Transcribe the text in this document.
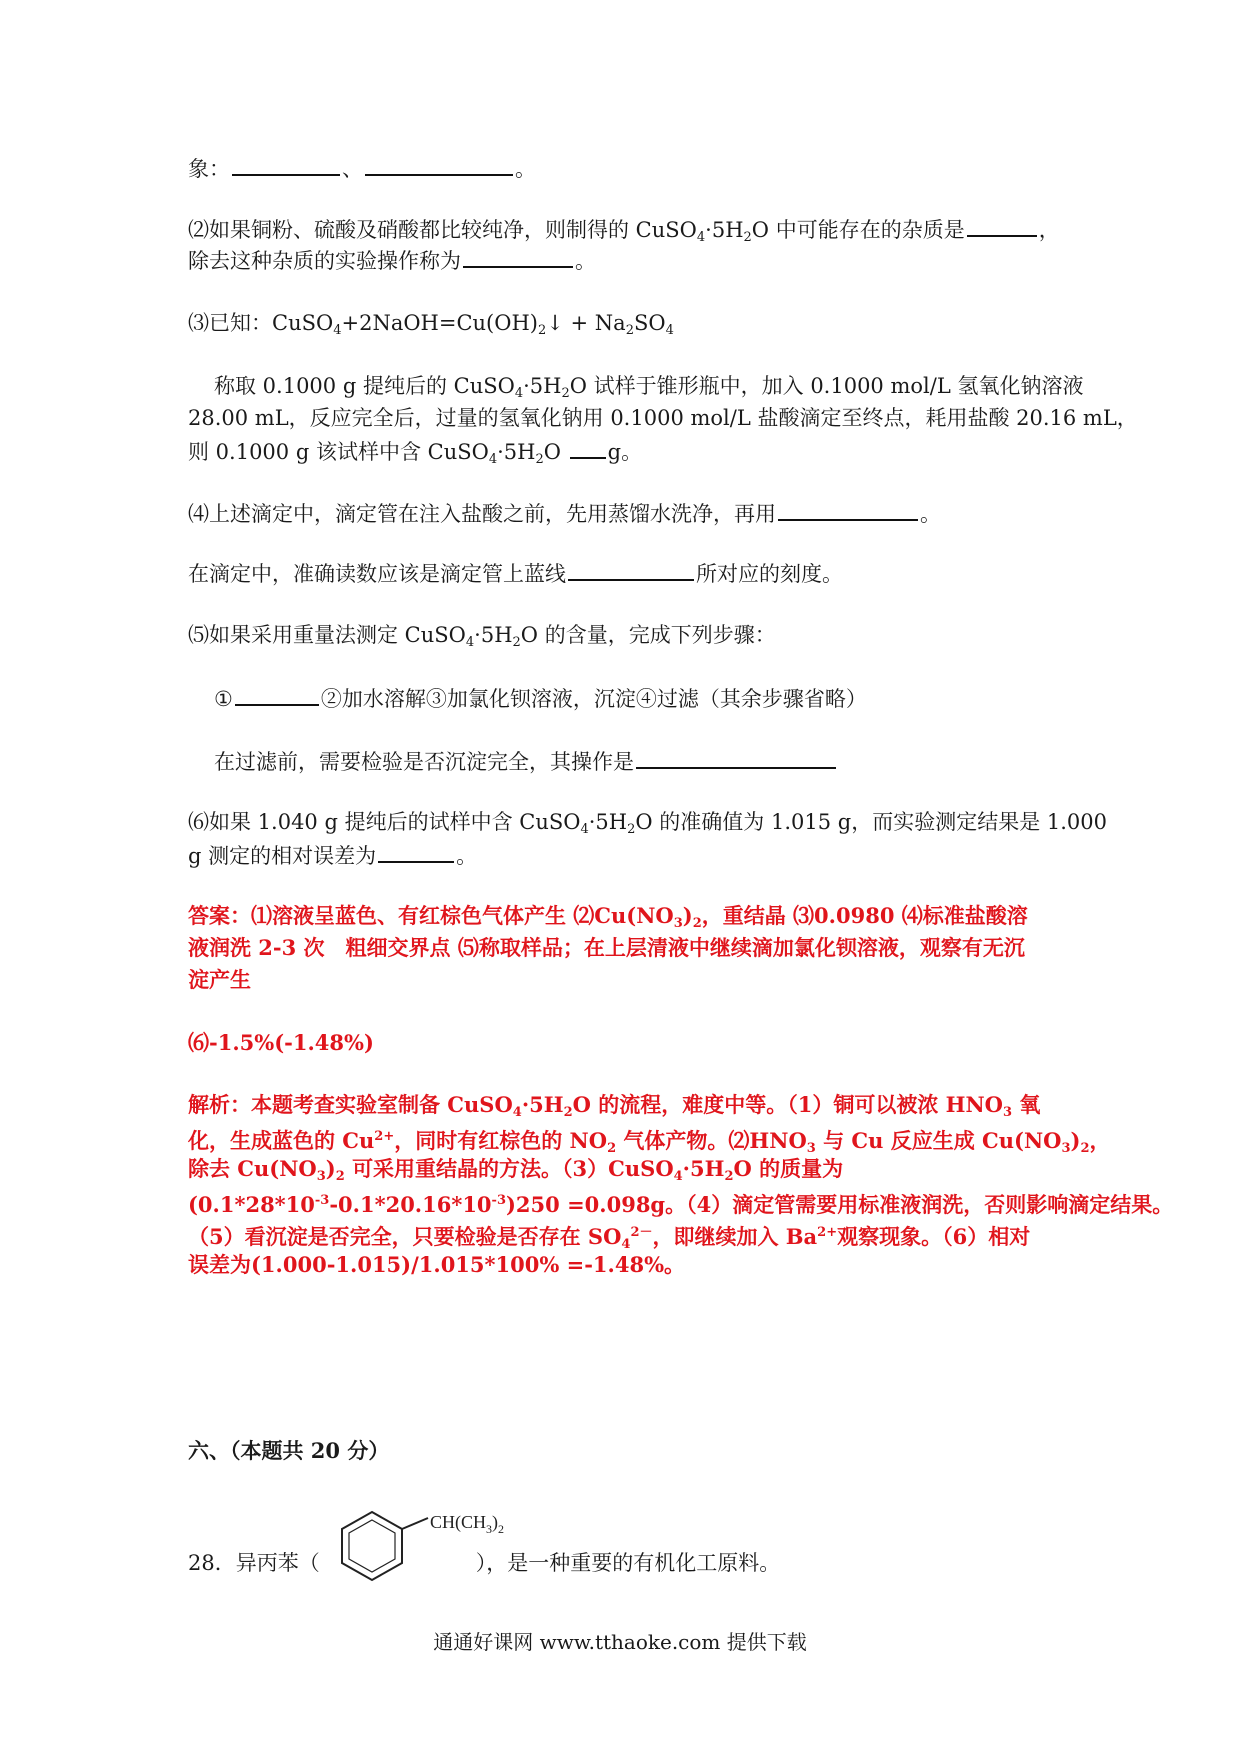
象：	、	。
⑵如果铜粉、硫酸及硝酸都比较纯净，则制得的 $CuSO_4\cdot 5H_2O$ 中可能存在的杂质是	，
除去这种杂质的实验操作称为	。
⑶已知：$CuSO_4+2NaOH=Cu(OH)_2↓ + Na_2SO_4$
称取 0.1000 g 提纯后的 $CuSO_4\cdot 5H_2O$ 试样于锥形瓶中，加入 0.1000 mol/L 氢氧化钠溶液
28.00 mL，反应完全后，过量的氢氧化钠用 0.1000 mol/L 盐酸滴定至终点，耗用盐酸 20.16 mL，
则 0.1000 g 该试样中含 $CuSO_4\cdot 5H_2O$ g。
⑷上述滴定中，滴定管在注入盐酸之前，先用蒸馏水洗净，再用	。
在滴定中，准确读数应该是滴定管上蓝线	所对应的刻度。
⑸如果采用重量法测定 $CuSO_4\cdot 5H_2O$ 的含量，完成下列步骤：
①	②加水溶解③加氯化钡溶液，沉淀④过滤（其余步骤省略）
在过滤前，需要检验是否沉淀完全，其操作是
⑹如果 1.040 g 提纯后的试样中含 $CuSO_4\cdot 5H_2O$ 的准确值为 1.015 g，而实验测定结果是 1.000
g 测定的相对误差为	。
答案：⑴溶液呈蓝色、有红棕色气体产生 $⑵Cu(NO_3)_2$，重结晶 ⑶0.0980 ⑷标准盐酸溶
液润洗 2-3 次　粗细交界点 ⑸称取样品；在上层清液中继续滴加氯化钡溶液，观察有无沉
淀产生
⑹-1.5%(-1.48%)
解析：本题考查实验室制备 $CuSO_4\cdot 5H_2O$ 的流程，难度中等。（1）铜可以被浓 $HNO_3$ 氧
化，生成蓝色的 $Cu^{2+}$，同时有红棕色的 $NO_2$ 气体产物。$⑵HNO_3$ 与 Cu 反应生成 $Cu(NO_3)_2$，
除去 $Cu(NO_3)_2$ 可采用重结晶的方法。$(3)CuSO_4\cdot 5H_2O$ 的质量为
$(0.1*28*10^{-3}-0.1*20.16*10^{-3})250 =0.098g$。（4）滴定管需要用标准液润洗，否则影响滴定结果。
（5）看沉淀是否完全，只要检验是否存在 $SO_4^{2-}$，即继续加入 $Ba^{2+}$观察现象。（6）相对
误差为(1.000-1.015)/1.015*100% =-1.48%。
六、（本题共 20 分）
$CH(CH_3)_2$
28．异丙苯（	），是一种重要的有机化工原料。
通通好课网 www.tthaoke.com 提供下载
